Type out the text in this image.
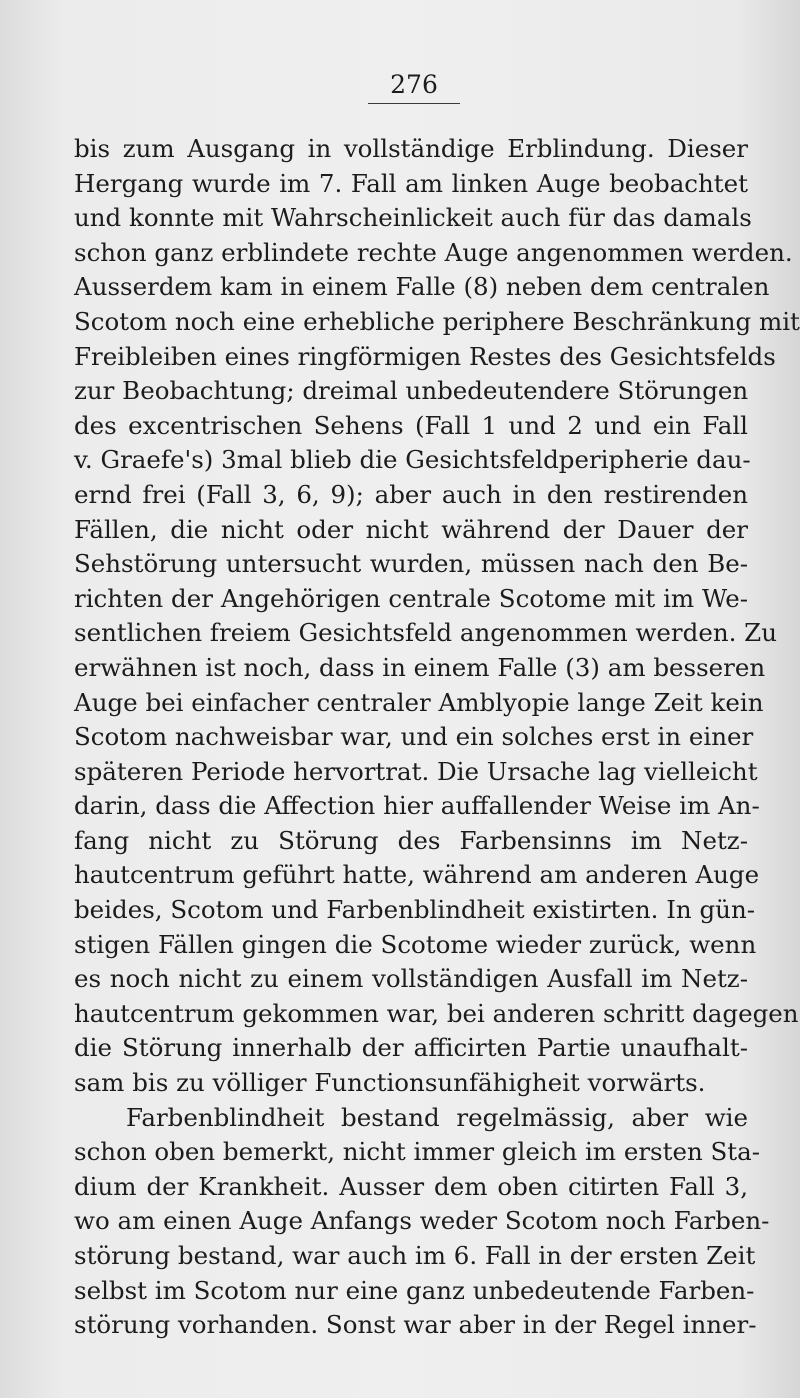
276
bis zum Ausgang in vollständige Erblindung. Dieser
Hergang wurde im 7. Fall am linken Auge beobachtet
und konnte mit Wahrscheinlickeit auch für das damals
schon ganz erblindete rechte Auge angenommen werden.
Ausserdem kam in einem Falle (8) neben dem centralen
Scotom noch eine erhebliche periphere Beschränkung mit
Freibleiben eines ringförmigen Restes des Gesichtsfelds
zur Beobachtung; dreimal unbedeutendere Störungen
des excentrischen Sehens (Fall 1 und 2 und ein Fall
v. Graefe's) 3mal blieb die Gesichtsfeldperipherie dau-
ernd frei (Fall 3, 6, 9); aber auch in den restirenden
Fällen, die nicht oder nicht während der Dauer der
Sehstörung untersucht wurden, müssen nach den Be-
richten der Angehörigen centrale Scotome mit im We-
sentlichen freiem Gesichtsfeld angenommen werden. Zu
erwähnen ist noch, dass in einem Falle (3) am besseren
Auge bei einfacher centraler Amblyopie lange Zeit kein
Scotom nachweisbar war, und ein solches erst in einer
späteren Periode hervortrat. Die Ursache lag vielleicht
darin, dass die Affection hier auffallender Weise im An-
fang nicht zu Störung des Farbensinns im Netz-
hautcentrum geführt hatte, während am anderen Auge
beides, Scotom und Farbenblindheit existirten. In gün-
stigen Fällen gingen die Scotome wieder zurück, wenn
es noch nicht zu einem vollständigen Ausfall im Netz-
hautcentrum gekommen war, bei anderen schritt dagegen
die Störung innerhalb der afficirten Partie unaufhalt-
sam bis zu völliger Functionsunfähigheit vorwärts.
Farbenblindheit bestand regelmässig, aber wie
schon oben bemerkt, nicht immer gleich im ersten Sta-
dium der Krankheit. Ausser dem oben citirten Fall 3,
wo am einen Auge Anfangs weder Scotom noch Farben-
störung bestand, war auch im 6. Fall in der ersten Zeit
selbst im Scotom nur eine ganz unbedeutende Farben-
störung vorhanden. Sonst war aber in der Regel inner-
